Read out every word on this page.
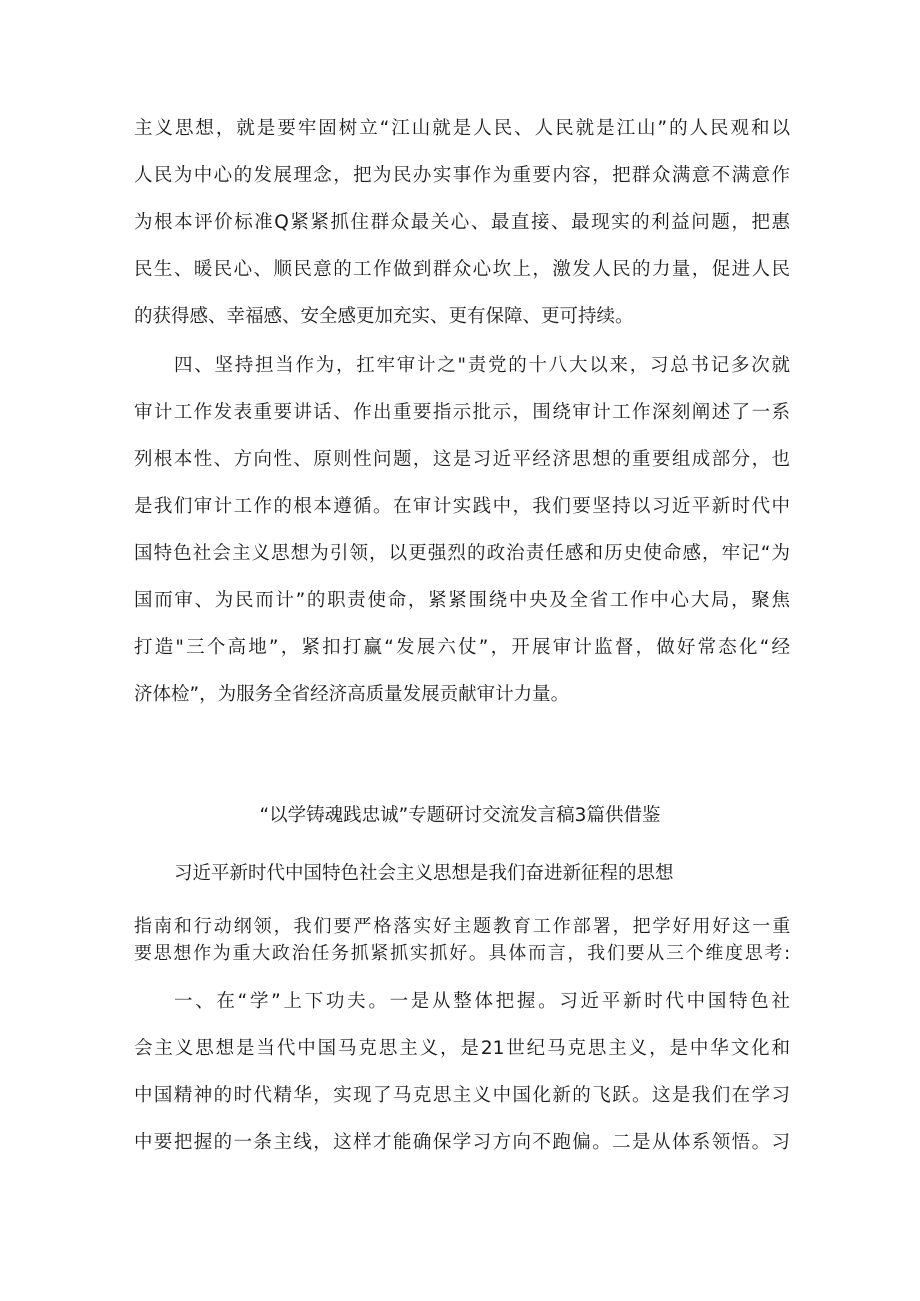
主义思想，就是要牢固树立“江山就是人民、人民就是江山”的人民观和以
人民为中心的发展理念，把为民办实事作为重要内容，把群众满意不满意作
为根本评价标准Q紧紧抓住群众最关心、最直接、最现实的利益问题，把惠
民生、暖民心、顺民意的工作做到群众心坎上，激发人民的力量，促进人民
的获得感、幸福感、安全感更加充实、更有保障、更可持续。
四、坚持担当作为，扛牢审计之"责党的十八大以来，习总书记多次就
审计工作发表重要讲话、作出重要指示批示，围绕审计工作深刻阐述了一系
列根本性、方向性、原则性问题，这是习近平经济思想的重要组成部分，也
是我们审计工作的根本遵循。在审计实践中，我们要坚持以习近平新时代中
国特色社会主义思想为引领，以更强烈的政治责任感和历史使命感，牢记“为
国而审、为民而计”的职责使命，紧紧围绕中央及全省工作中心大局，聚焦
打造"三个高地”，紧扣打赢“发展六仗”，开展审计监督，做好常态化“经
济体检”，为服务全省经济高质量发展贡献审计力量。
“以学铸魂践忠诚”专题研讨交流发言稿3篇供借鉴
习近平新时代中国特色社会主义思想是我们奋进新征程的思想
指南和行动纲领，我们要严格落实好主题教育工作部署，把学好用好这一重
要思想作为重大政治任务抓紧抓实抓好。具体而言，我们要从三个维度思考:
一、在“学”上下功夫。一是从整体把握。习近平新时代中国特色社
会主义思想是当代中国马克思主义，是21世纪马克思主义，是中华文化和
中国精神的时代精华，实现了马克思主义中国化新的飞跃。这是我们在学习
中要把握的一条主线，这样才能确保学习方向不跑偏。二是从体系领悟。习
